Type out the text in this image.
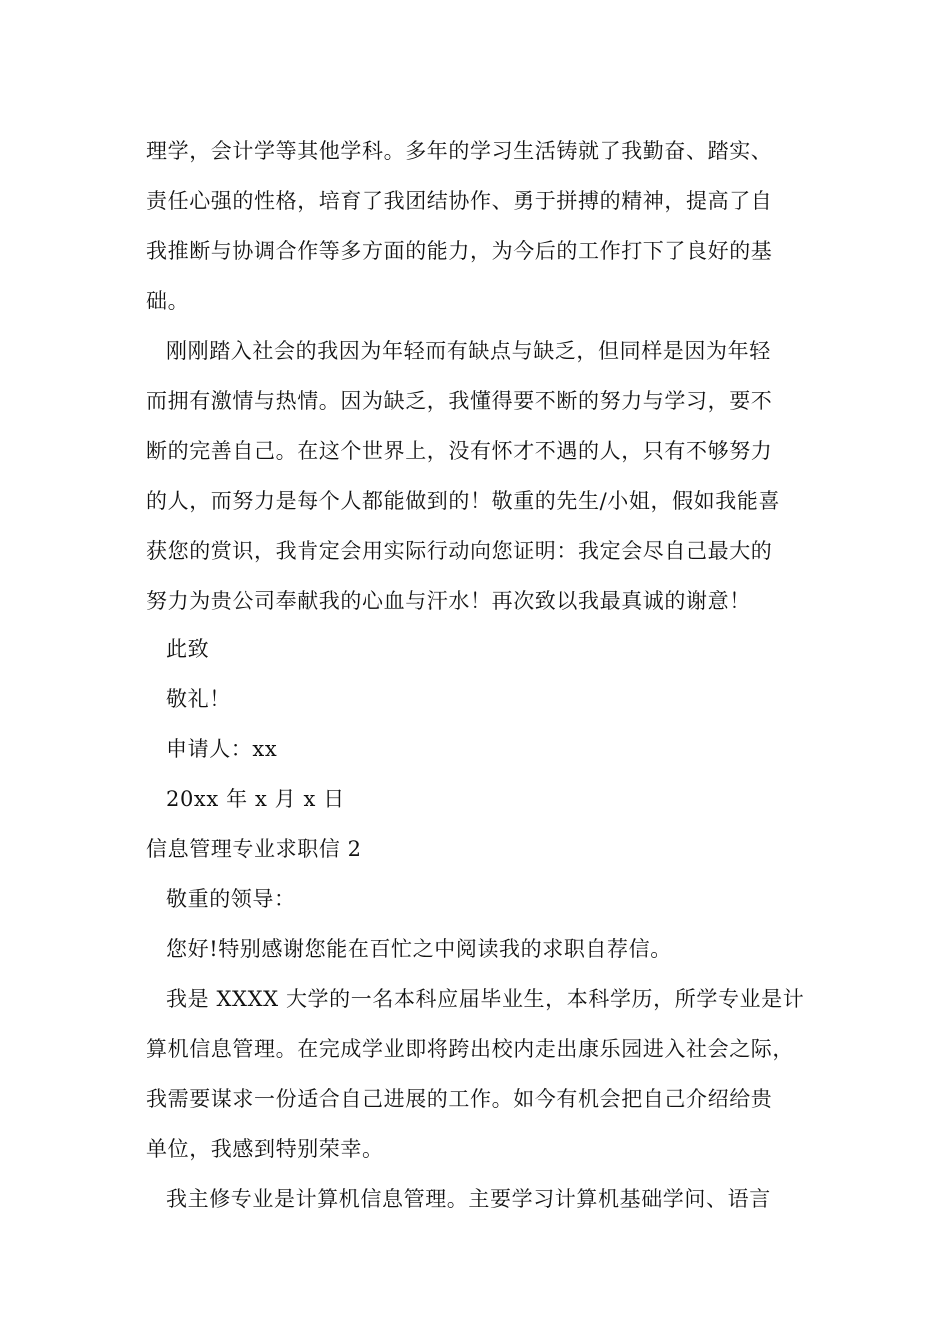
理学，会计学等其他学科。多年的学习生活铸就了我勤奋、踏实、
责任心强的性格，培育了我团结协作、勇于拼搏的精神，提高了自
我推断与协调合作等多方面的能力，为今后的工作打下了良好的基
础。
刚刚踏入社会的我因为年轻而有缺点与缺乏，但同样是因为年轻
而拥有激情与热情。因为缺乏，我懂得要不断的努力与学习，要不
断的完善自己。在这个世界上，没有怀才不遇的人，只有不够努力
的人，而努力是每个人都能做到的！敬重的先生/小姐，假如我能喜
获您的赏识，我肯定会用实际行动向您证明：我定会尽自己最大的
努力为贵公司奉献我的心血与汗水！再次致以我最真诚的谢意！
此致
敬礼！
申请人：xx
20xx 年 x 月 x 日
信息管理专业求职信 2
敬重的领导：
您好!特别感谢您能在百忙之中阅读我的求职自荐信。
我是 XXXX 大学的一名本科应届毕业生，本科学历，所学专业是计
算机信息管理。在完成学业即将跨出校内走出康乐园进入社会之际，
我需要谋求一份适合自己进展的工作。如今有机会把自己介绍给贵
单位，我感到特别荣幸。
我主修专业是计算机信息管理。主要学习计算机基础学问、语言
